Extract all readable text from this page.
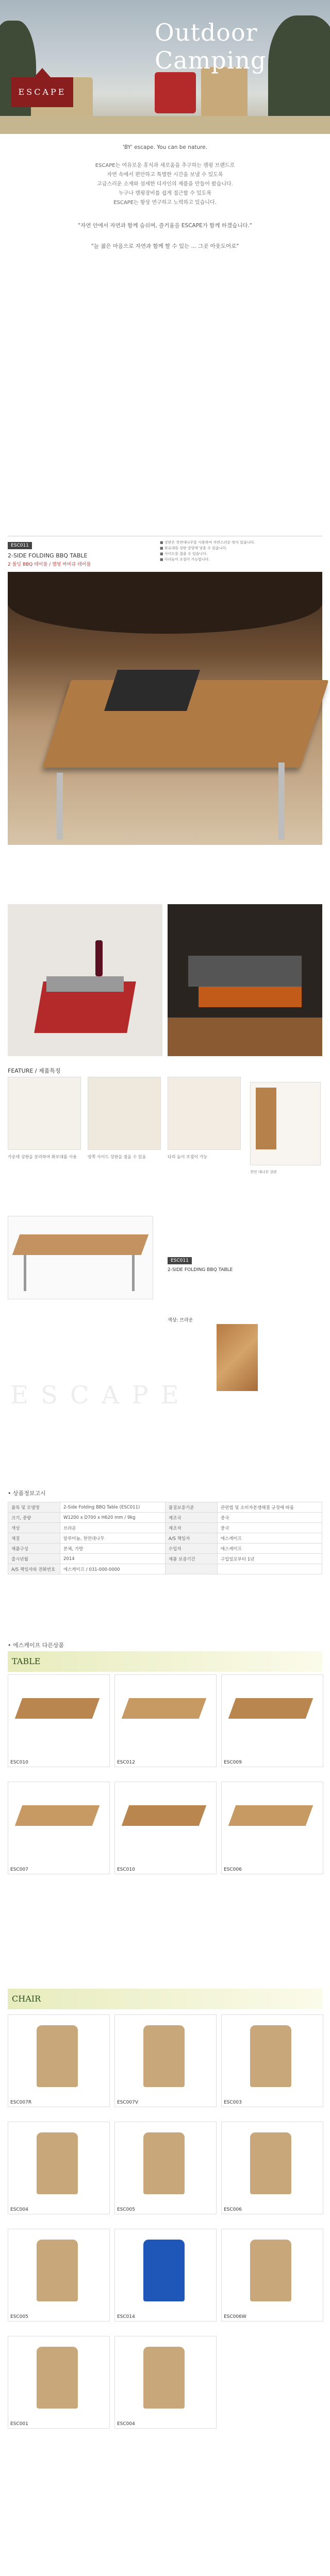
Outdoor Camping
ESCAPE
'BY' escape. You can be nature.
ESCAPE는 여유로운 휴식과 새로움을 추구하는 캠핑 브랜드로
자연 속에서 편안하고 특별한 시간을 보낼 수 있도록
고급스러운 소재와 섬세한 디자인의 제품을 만들어 왔습니다.
누구나 캠핑장비를 쉽게 접근할 수 있도록
ESCAPE는 항상 연구하고 노력하고 있습니다.
"자연 안에서 자연과 함께 숨쉬며, 즐거움을 ESCAPE가 함께 하겠습니다."
"늘 젊은 마음으로 자연과 함께 할 수 있는 ... 그곳 아웃도어로"
ESC011
2-SIDE FOLDING BBQ TABLE
2 폴딩 BBQ 테이블 / 캠핑 바비큐 테이블
■ 상판은 천연대나무를 사용하여 자연스러운 멋이 있습니다.
■ 화로대를 상판 중앙에 넣을 수 있습니다.
■ 사이드를 접을 수 있습니다.
■ 다리높이 조절이 가능합니다.
FEATURE / 제품특징
가운데 상판을 분리하여 화로대를 사용	양쪽 사이드 상판을 접을 수 있음	다리 높이 조절이 가능
천연 대나무 상판
ESC011
2-SIDE FOLDING BBQ TABLE
색상: 브라운
ESCAPE
• 상품정보고시
품목 및 모델명	2-Side Folding BBQ Table (ESC011)	품질보증기준	관련법 및 소비자분쟁해결 규정에 따름
크기, 중량	W1200 x D700 x H620 mm / 9kg	제조국	중국
색상	브라운	제조자	중국
재질	알루미늄, 천연대나무	A/S 책임자	에스케이프
제품구성	본체, 가방	수입자	에스케이프
출시년월	2014	제품 보증기간	구입일로부터 1년
A/S 책임자와 전화번호	에스케이프 / 031-000-0000		
• 에스케이프 다른상품
TABLE
ESC010	ESC012	ESC009
ESC007	ESC010	ESC006
CHAIR
ESC007R	ESC007V	ESC003
ESC004	ESC005	ESC006
ESC005	ESC014	ESC006W
ESC001	ESC004
